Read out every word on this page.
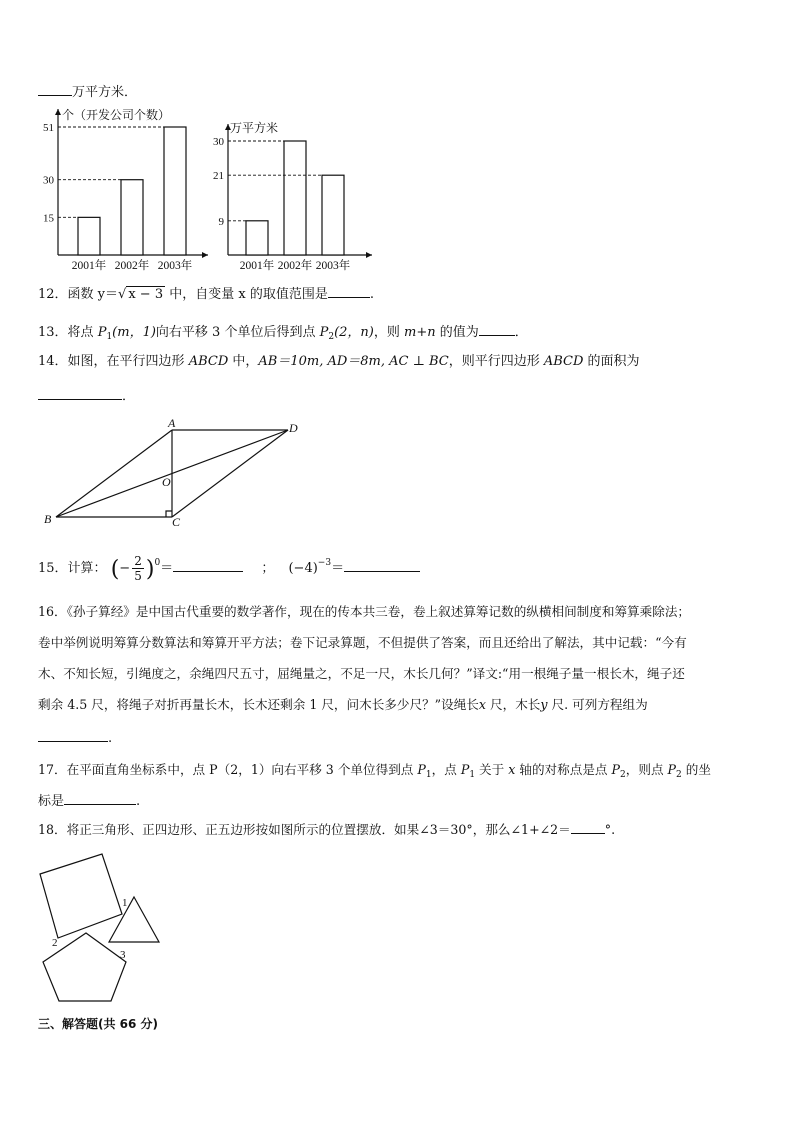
万平方米．
个（开发公司个数）
15
30
51
2001年 2002年 2003年
万平方米
9
21
30
2001年 2002年 2003年
12．函数 y＝√ x − 3 中，自变量 x 的取值范围是	.
13．将点 $P_1(m$，1)向右平移 3 个单位后得到点 $P_2(2$，n)，则 m+n 的值为	．
14．如图，在平行四边形 ABCD 中，AB＝10m, AD＝8m, AC ⊥ BC，则平行四边形 ABCD 的面积为
．
A
B	C
D
O
15．计算： (− $\frac{2}{5} )^0=$	； $(-4)^{-3}=$
16．《孙子算经》是中国古代重要的数学著作，现在的传本共三卷，卷上叙述算筹记数的纵横相间制度和筹算乘除法；
卷中举例说明筹算分数算法和筹算开平方法；卷下记录算题，不但提供了答案，而且还给出了解法，其中记载：“今有
木、不知长短，引绳度之，余绳四尺五寸，屈绳量之，不足一尺，木长几何？”译文:“用一根绳子量一根长木，绳子还
剩余 4.5 尺，将绳子对折再量长木，长木还剩余 1 尺，问木长多少尺？”设绳长x 尺，木长y 尺. 可列方程组为
.
17．在平面直角坐标系中，点 P（2，1）向右平移 3 个单位得到点 $P_1$，点 $P_1$ 关于 x 轴的对称点是点 $P_2$，则点 $P_2$ 的坐
标是	.
18．将正三角形、正四边形、正五边形按如图所示的位置摆放．如果∠3＝30°，那么∠1+∠2＝	°.
1
2
3
三、解答题(共 66 分)
